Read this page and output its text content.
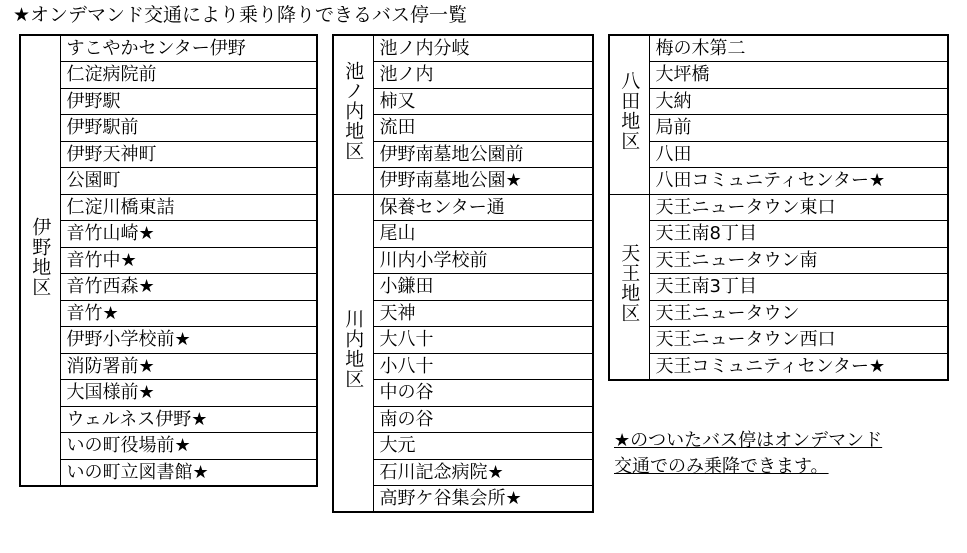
★オンデマンド交通により乗り降りできるバス停一覧
伊野地区	すこやかセンター伊野
仁淀病院前
伊野駅
伊野駅前
伊野天神町
公園町
仁淀川橋東詰
音竹山崎★
音竹中★
音竹西森★
音竹★
伊野小学校前★
消防署前★
大国様前★
ウェルネス伊野★
いの町役場前★
いの町立図書館★
池ノ内地区	池ノ内分岐
	池ノ内
	柿又
	流田
	伊野南墓地公園前
	伊野南墓地公園★
川内地区	保養センター通
	尾山
	川内小学校前
	小鎌田
	天神
	大八十
	小八十
	中の谷
	南の谷
	大元
	石川記念病院★
	高野ケ谷集会所★
八田地区	梅の木第二
	大坪橋
	大納
	局前
	八田
	八田コミュニティセンター★
天王地区	天王ニュータウン東口
	天王南8丁目
	天王ニュータウン南
	天王南3丁目
	天王ニュータウン
	天王ニュータウン西口
	天王コミュニティセンター★
★のついたバス停はオンデマンド
交通でのみ乗降できます。
